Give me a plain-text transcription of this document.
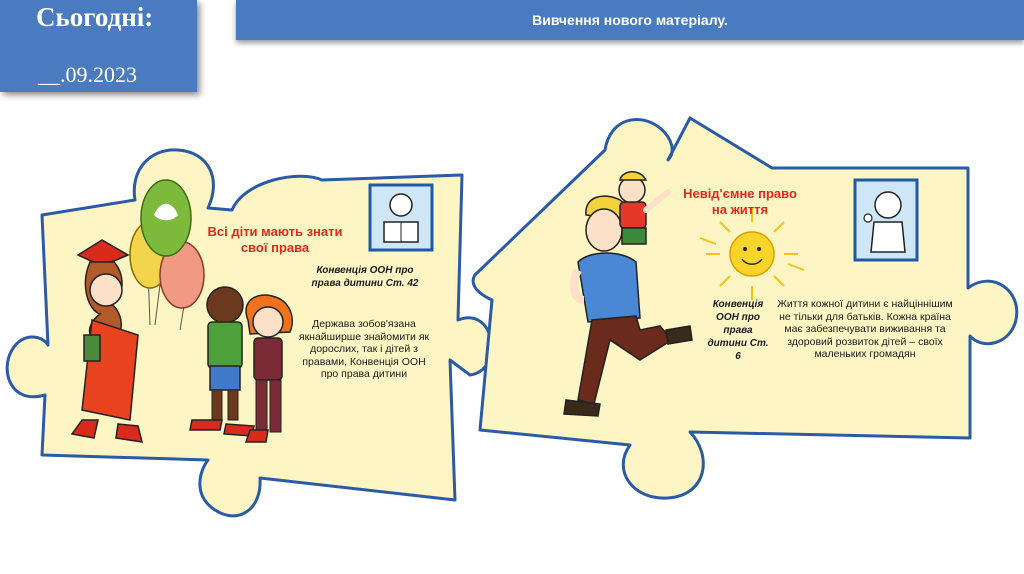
Сьогодні:
__.09.2023
Вивчення нового матеріалу.
Всі діти мають знати свої права
Конвенція ООН про права дитини Ст. 42
Держава зобов'язана якнайширше знайомити як дорослих, так і дітей з правами, Конвенція ООН про права дитини
Невід'ємне право на життя
Конвенція ООН про права дитини Ст. 6
Життя кожної дитини є найціннішим не тільки для батьків. Кожна країна має забезпечувати виживання та здоровий розвиток дітей – своїх маленьких громадян
